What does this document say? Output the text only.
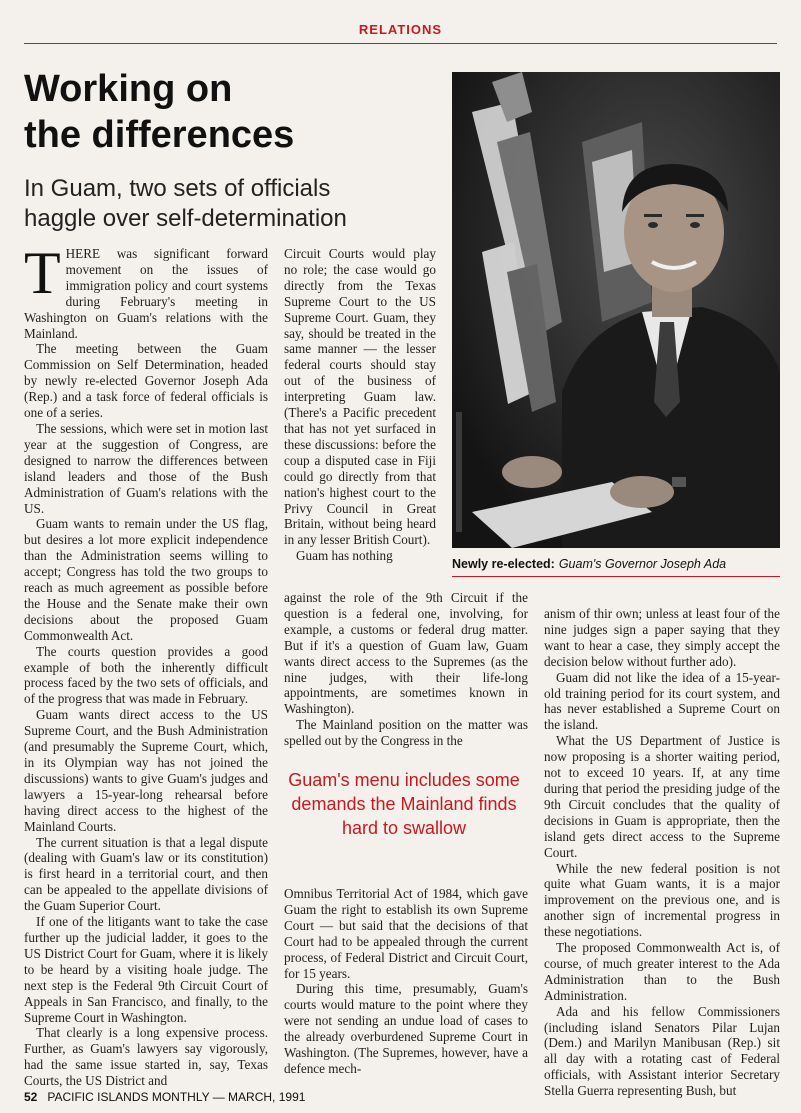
RELATIONS
Working on
the differences
In Guam, two sets of officials
haggle over self-determination

THERE was significant forward movement on the issues of immigration policy and court systems during February's meeting in Washington on Guam's relations with the Mainland.

The meeting between the Guam Commission on Self Determination, headed by newly re-elected Governor Joseph Ada (Rep.) and a task force of federal officials is one of a series.

The sessions, which were set in motion last year at the suggestion of Congress, are designed to narrow the differences between island leaders and those of the Bush Administration of Guam's relations with the US.

Guam wants to remain under the US flag, but desires a lot more explicit independence than the Administration seems willing to accept; Congress has told the two groups to reach as much agreement as possible before the House and the Senate make their own decisions about the proposed Guam Commonwealth Act.

The courts question provides a good example of both the inherently difficult process faced by the two sets of officials, and of the progress that was made in February.

Guam wants direct access to the US Supreme Court, and the Bush Administration (and presumably the Supreme Court, which, in its Olympian way has not joined the discussions) wants to give Guam's judges and lawyers a 15-year-long rehearsal before having direct access to the highest of the Mainland Courts.

The current situation is that a legal dispute (dealing with Guam's law or its constitution) is first heard in a territorial court, and then can be appealed to the appellate divisions of the Guam Superior Court.

If one of the litigants want to take the case further up the judicial ladder, it goes to the US District Court for Guam, where it is likely to be heard by a visiting hoale judge. The next step is the Federal 9th Circuit Court of Appeals in San Francisco, and finally, to the Supreme Court in Washington.

That clearly is a long expensive process. Further, as Guam's lawyers say vigorously, had the same issue started in, say, Texas Courts, the US District and

Circuit Courts would play no role; the case would go directly from the Texas Supreme Court to the US Supreme Court. Guam, they say, should be treated in the same manner — the lesser federal courts should stay out of the business of interpreting Guam law. (There's a Pacific precedent that has not yet surfaced in these discussions: before the coup a disputed case in Fiji could go directly from that nation's highest court to the Privy Council in Great Britain, without being heard in any lesser British Court).

Guam has nothing

against the role of the 9th Circuit if the question is a federal one, involving, for example, a customs or federal drug matter. But if it's a question of Guam law, Guam wants direct access to the Supremes (as the nine judges, with their life-long appointments, are sometimes known in Washington).

The Mainland position on the matter was spelled out by the Congress in the

Guam's menu includes some demands the Mainland finds hard to swallow

Omnibus Territorial Act of 1984, which gave Guam the right to establish its own Supreme Court — but said that the decisions of that Court had to be appealed through the current process, of Federal District and Circuit Court, for 15 years.

During this time, presumably, Guam's courts would mature to the point where they were not sending an undue load of cases to the already overburdened Supreme Court in Washington. (The Supremes, however, have a defence mech-

anism of thir own; unless at least four of the nine judges sign a paper saying that they want to hear a case, they simply accept the decision below without further ado).

Guam did not like the idea of a 15-year-old training period for its court system, and has never established a Supreme Court on the island.

What the US Department of Justice is now proposing is a shorter waiting period, not to exceed 10 years. If, at any time during that period the presiding judge of the 9th Circuit concludes that the quality of decisions in Guam is appropriate, then the island gets direct access to the Supreme Court.

While the new federal position is not quite what Guam wants, it is a major improvement on the previous one, and is another sign of incremental progress in these negotiations.

The proposed Commonwealth Act is, of course, of much greater interest to the Ada Administration than to the Bush Administration.

Ada and his fellow Commissioners (including island Senators Pilar Lujan (Dem.) and Marilyn Manibusan (Rep.) sit all day with a rotating cast of Federal officials, with Assistant interior Secretary Stella Guerra representing Bush, but

Newly re-elected: Guam's Governor Joseph Ada
52 PACIFIC ISLANDS MONTHLY — MARCH, 1991
